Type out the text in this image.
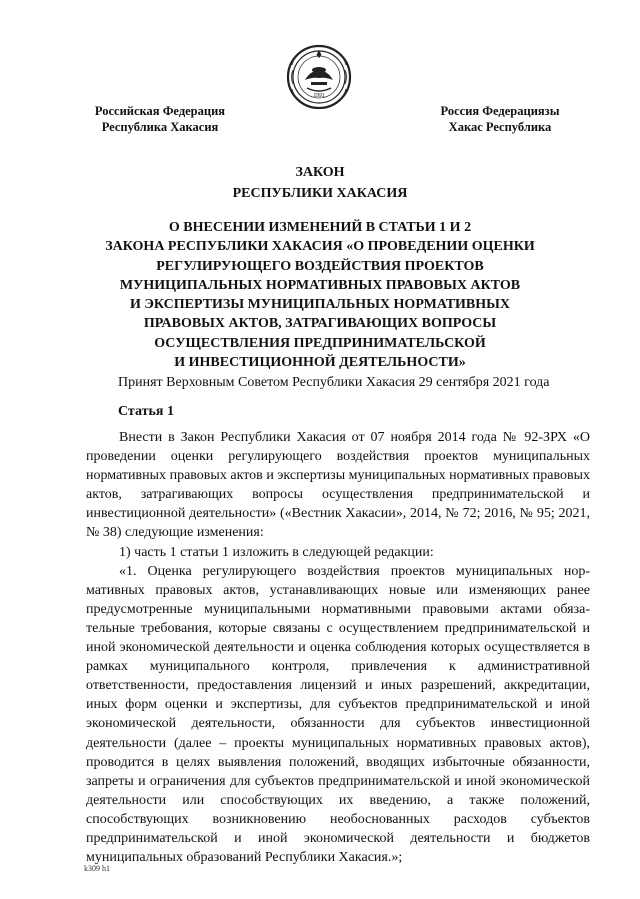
1991
Российская Федерация
Республика Хакасия
Россия Федерациязы
Хакас Республика
ЗАКОН
РЕСПУБЛИКИ ХАКАСИЯ
О ВНЕСЕНИИ ИЗМЕНЕНИЙ В СТАТЬИ 1 И 2
ЗАКОНА РЕСПУБЛИКИ ХАКАСИЯ «О ПРОВЕДЕНИИ ОЦЕНКИ
РЕГУЛИРУЮЩЕГО ВОЗДЕЙСТВИЯ ПРОЕКТОВ
МУНИЦИПАЛЬНЫХ НОРМАТИВНЫХ ПРАВОВЫХ АКТОВ
И ЭКСПЕРТИЗЫ МУНИЦИПАЛЬНЫХ НОРМАТИВНЫХ
ПРАВОВЫХ АКТОВ, ЗАТРАГИВАЮЩИХ ВОПРОСЫ
ОСУЩЕСТВЛЕНИЯ ПРЕДПРИНИМАТЕЛЬСКОЙ
И ИНВЕСТИЦИОННОЙ ДЕЯТЕЛЬНОСТИ»
Принят Верховным Советом Республики Хакасия 29 сентября 2021 года
Статья 1

Внести в Закон Республики Хакасия от 07 ноября 2014 года № 92-ЗРХ «О проведении оценки регулирующего воздействия проектов муниципальных нормативных правовых актов и экспертизы муниципальных нормативных правовых актов, затрагивающих вопросы осуществления предпринимательской и инвестиционной деятельности» («Вестник Хакасии», 2014, № 72; 2016, № 95; 2021, № 38) следующие изменения:

1) часть 1 статьи 1 изложить в следующей редакции:

«1. Оценка регулирующего воздействия проектов муниципальных нормативных правовых актов, устанавливающих новые или изменяющих ранее предусмотренные муниципальными нормативными правовыми актами обязательные требования, которые связаны с осуществлением предпринимательской и иной экономической деятельности и оценка соблюдения которых осуществляется в рамках муниципального контроля, привлечения к административной ответственности, предоставления лицензий и иных разрешений, аккредитации, иных форм оценки и экспертизы, для субъектов предпринимательской и иной экономической деятельности, обязанности для субъектов инвестиционной деятельности (далее – проекты муниципальных нормативных правовых актов), проводится в целях выявления положений, вводящих избыточные обязанности, запреты и ограничения для субъектов предпринимательской и иной экономической деятельности или способствующих их введению, а также положений, способствующих возникновению необоснованных расходов субъектов предпринимательской и иной экономической деятельности и бюджетов муниципальных образований Республики Хакасия.»;

k309 h1
